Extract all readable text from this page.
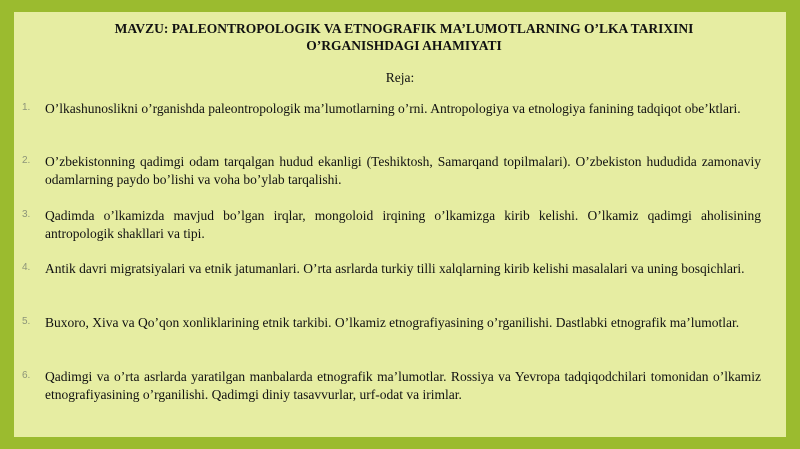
MAVZU: PALEONTROPOLOGIK VA ETNOGRAFIK MA’LUMOTLARNING O’LKA TARIXINI O’RGANISHDAGI AHAMIYATI
Reja:
1. O’lkashunoslikni o’rganishda paleontropologik ma’lumotlarning o’rni. Antropologiya va etnologiya fanining tadqiqot obe’ktlari.
2. O’zbekistonning qadimgi odam tarqalgan hudud ekanligi (Teshiktosh, Samarqand topilmalari). O’zbekiston hududida zamonaviy odamlarning paydo bo’lishi va voha bo’ylab tarqalishi.
3. Qadimda o’lkamizda mavjud bo’lgan irqlar, mongoloid irqining o’lkamizga kirib kelishi. O’lkamiz qadimgi aholisining antropologik shakllari va tipi.
4. Antik davri migratsiyalari va etnik jatumanlari. O’rta asrlarda turkiy tilli xalqlarning kirib kelishi masalalari va uning bosqichlari.
5. Buxoro, Xiva va Qo’qon xonliklarining etnik tarkibi. O’lkamiz etnografiyasining o’rganilishi. Dastlabki etnografik ma’lumotlar.
6. Qadimgi va o’rta asrlarda yaratilgan manbalarda etnografik ma’lumotlar. Rossiya va Yevropa tadqiqodchilari tomonidan o’lkamiz etnografiyasining o’rganilishi. Qadimgi diniy tasavvurlar, urf-odat va irimlar.
